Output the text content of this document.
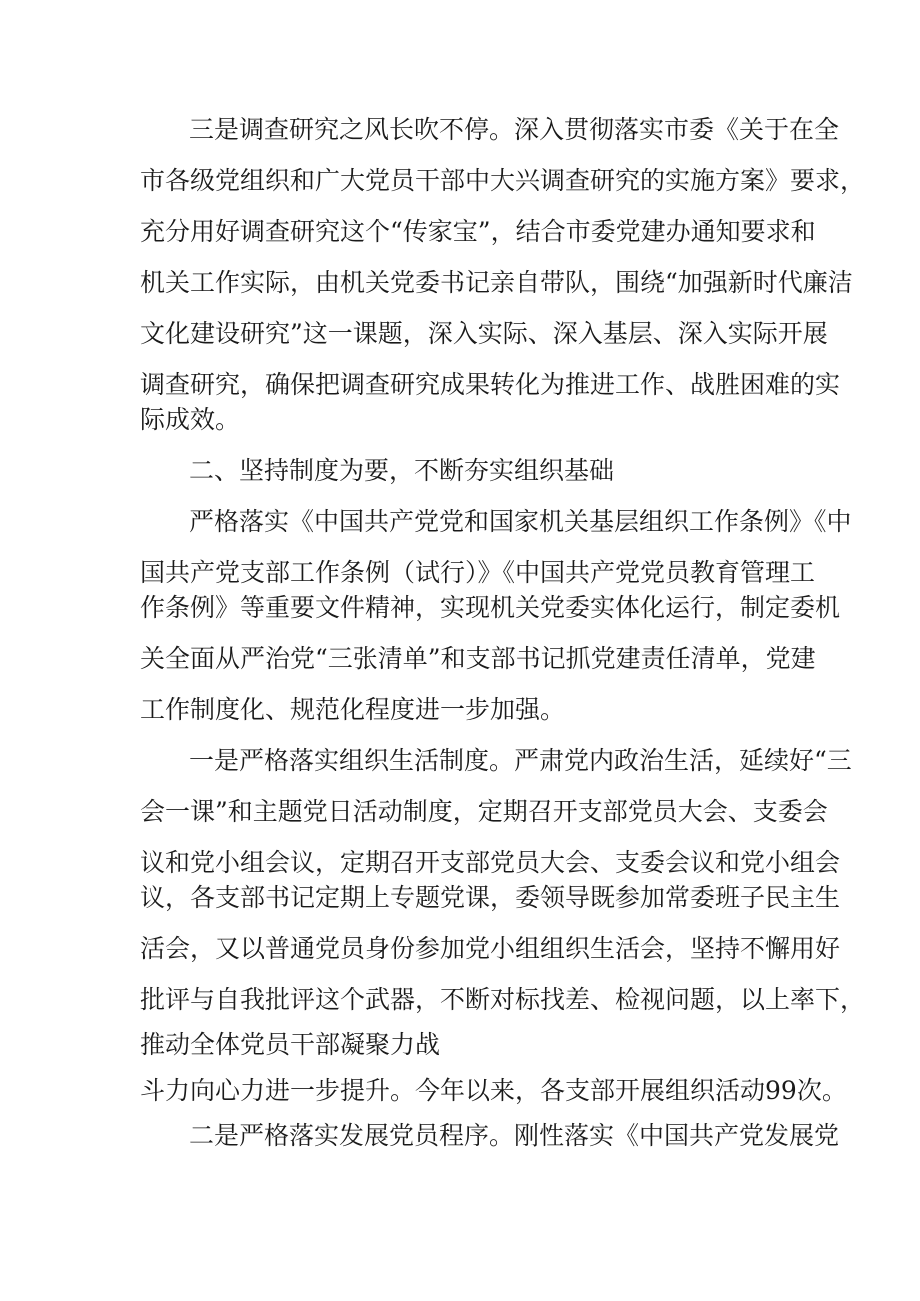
三是调查研究之风长吹不停。深入贯彻落实市委《关于在全
市各级党组织和广大党员干部中大兴调查研究的实施方案》要求，
充分用好调查研究这个“传家宝”，结合市委党建办通知要求和
机关工作实际，由机关党委书记亲自带队，围绕“加强新时代廉洁
文化建设研究”这一课题，深入实际、深入基层、深入实际开展
调查研究，确保把调查研究成果转化为推进工作、战胜困难的实
际成效。
二、坚持制度为要，不断夯实组织基础
严格落实《中国共产党党和国家机关基层组织工作条例》《中
国共产党支部工作条例（试行）》《中国共产党党员教育管理工
作条例》等重要文件精神，实现机关党委实体化运行，制定委机
关全面从严治党“三张清单”和支部书记抓党建责任清单，党建
工作制度化、规范化程度进一步加强。
一是严格落实组织生活制度。严肃党内政治生活，延续好“三
会一课”和主题党日活动制度，定期召开支部党员大会、支委会
议和党小组会议，定期召开支部党员大会、支委会议和党小组会
议，各支部书记定期上专题党课，委领导既参加常委班子民主生
活会，又以普通党员身份参加党小组组织生活会，坚持不懈用好
批评与自我批评这个武器，不断对标找差、检视问题，以上率下，
推动全体党员干部凝聚力战
斗力向心力进一步提升。今年以来，各支部开展组织活动99次。
二是严格落实发展党员程序。刚性落实《中国共产党发展党
